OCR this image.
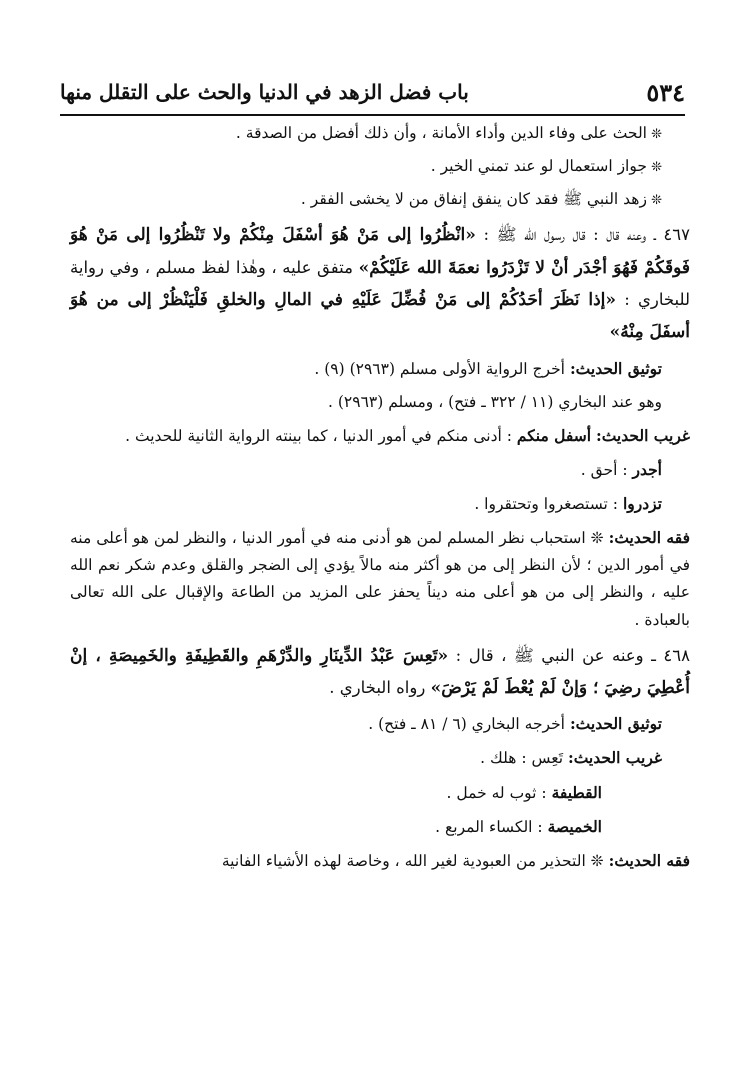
٥٣٤
باب فضل الزهد في الدنيا والحث على التقلل منها

❊ الحث على وفاء الدين وأداء الأمانة ، وأن ذلك أفضل من الصدقة .

❊ جواز استعمال لو عند تمني الخير .

❊ زهد النبي ﷺ فقد كان ينفق إنفاق من لا يخشى الفقر .

٤٦٧ ـ وعنه قال : قال رسول الله ﷺ : «انْظُرُوا إلى مَنْ هُوَ أسْفَلَ مِنْكُمْ ولا تَنْظُرُوا إلى مَنْ هُوَ فَوقَكُمْ فَهُوَ أجْدَر أنْ لا تَزْدَرُوا نعمَةَ الله عَلَيْكُمْ» متفق عليه ، وهٰذا لفظ مسلم ، وفي رواية للبخاري : «إذا نَظَرَ أحَدُكُمْ إلى مَنْ فُضِّلَ عَلَيْهِ في المالِ والخلقِ فَلْيَنْظُرْ إلى من هُوَ أسفَلَ مِنْهُ»

توثيق الحديث: أخرج الرواية الأولى مسلم (٢٩٦٣) (٩) .

وهو عند البخاري (١١ / ٣٢٢ ـ فتح) ، ومسلم (٢٩٦٣) .

غريب الحديث: أسفل منكم : أدنى منكم في أمور الدنيا ، كما بينته الرواية الثانية للحديث .

أجدر : أحق .

تزدروا : تستصغروا وتحتقروا .

فقه الحديث: ❊ استحباب نظر المسلم لمن هو أدنى منه في أمور الدنيا ، والنظر لمن هو أعلى منه في أمور الدين ؛ لأن النظر إلى من هو أكثر منه مالاً يؤدي إلى الضجر والقلق وعدم شكر نعم الله عليه ، والنظر إلى من هو أعلى منه ديناً يحفز على المزيد من الطاعة والإقبال على الله تعالى بالعبادة .

٤٦٨ ـ وعنه عن النبي ﷺ ، قال : «تَعِسَ عَبْدُ الدِّينَارِ والدِّرْهَمِ والقَطِيفَةِ والخَمِيصَةِ ، إنْ أُعْطِيَ رضِيَ ؛ وَإنْ لَمْ يُعْطَ لَمْ يَرْضَ» رواه البخاري .

توثيق الحديث: أخرجه البخاري (٦ / ٨١ ـ فتح) .

غريب الحديث: تَعِس : هلك .

القطيفة : ثوب له خمل .

الخميصة : الكساء المربع .

فقه الحديث: ❊ التحذير من العبودية لغير الله ، وخاصة لهذه الأشياء الفانية
